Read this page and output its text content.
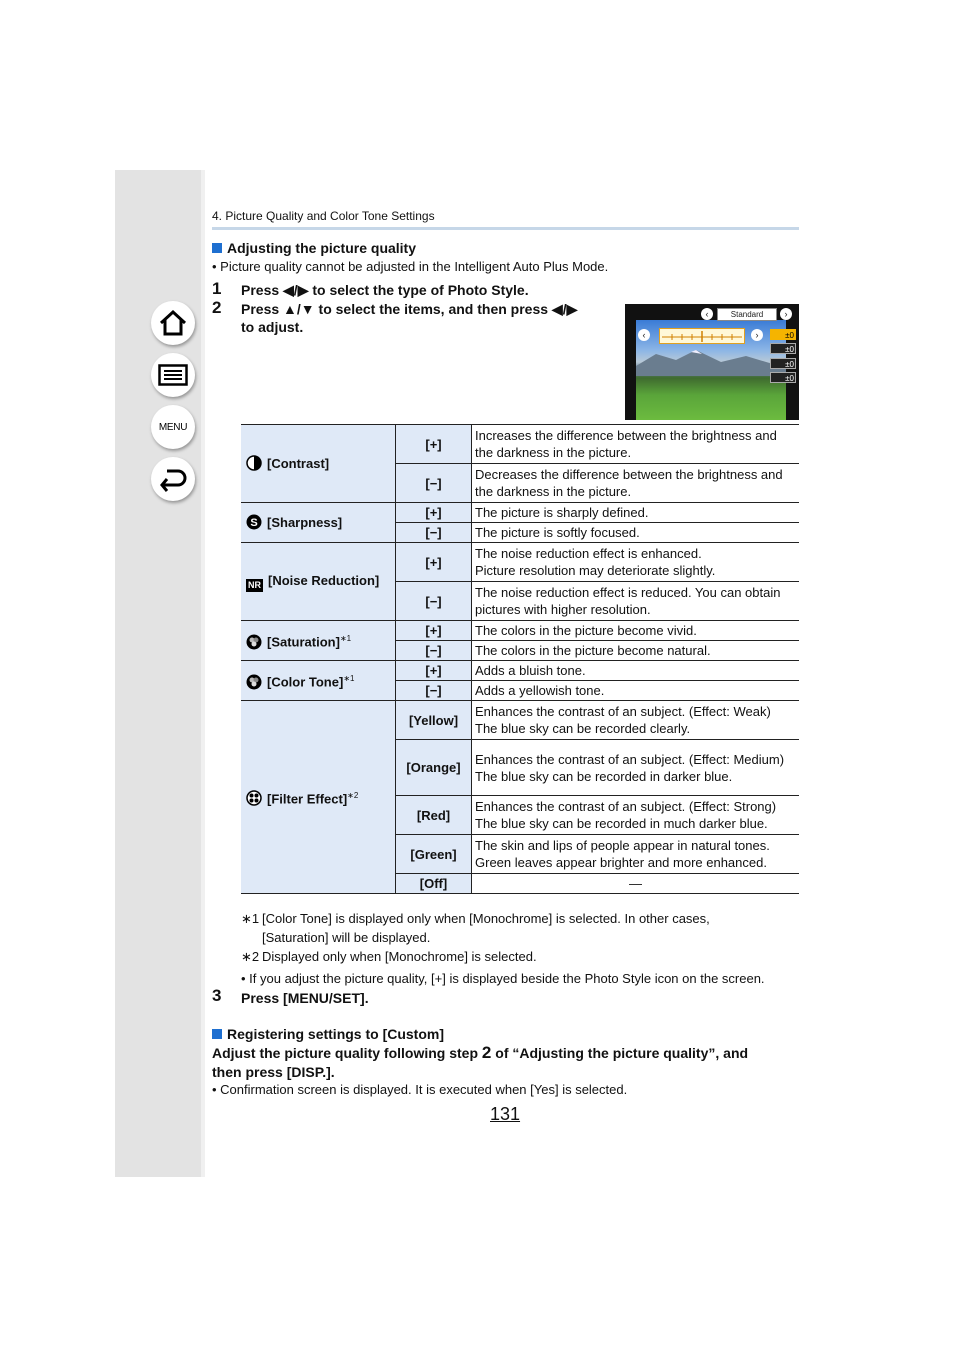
MENU
4. Picture Quality and Color Tone Settings
Adjusting the picture quality
• Picture quality cannot be adjusted in the Intelligent Auto Plus Mode.
1 Press ◀/▶ to select the type of Photo Style.
2 Press ▲/▼ to select the items, and then press ◀/▶
to adjust.
‹	Standard	›
‹	›	±0
±0
±0
±0
[Contrast]	[+]	Increases the difference between the brightness and the darkness in the picture.
	[−]	Decreases the difference between the brightness and the darkness in the picture.

S [Sharpness]	[+]	The picture is sharply defined.
	[−]	The picture is softly focused.
NR [Noise Reduction]	[+]	The noise reduction effect is enhanced.
Picture resolution may deteriorate slightly.
	[−]	The noise reduction effect is reduced. You can obtain pictures with higher resolution.
[Saturation]$^{∗1}$	[+]	The colors in the picture become vivid.
	[−]	The colors in the picture become natural.
[Color Tone]$^{∗1}$	[+]	Adds a bluish tone.
	[−]	Adds a yellowish tone.
[Filter Effect]$^{∗2}$	[Yellow]	Enhances the contrast of an subject. (Effect: Weak)
The blue sky can be recorded clearly.
	[Orange]	Enhances the contrast of an subject. (Effect: Medium)
The blue sky can be recorded in darker blue.
	[Red]	Enhances the contrast of an subject. (Effect: Strong)
The blue sky can be recorded in much darker blue.
	[Green]	The skin and lips of people appear in natural tones.
Green leaves appear brighter and more enhanced.
	[Off]	—
∗1 [Color Tone] is displayed only when [Monochrome] is selected. In other cases,
[Saturation] will be displayed.
∗2 Displayed only when [Monochrome] is selected.
• If you adjust the picture quality, [+] is displayed beside the Photo Style icon on the screen.
3 Press [MENU/SET].
Registering settings to [Custom]
Adjust the picture quality following step 2 of “Adjusting the picture quality”, and
then press [DISP.].
• Confirmation screen is displayed. It is executed when [Yes] is selected.
131
